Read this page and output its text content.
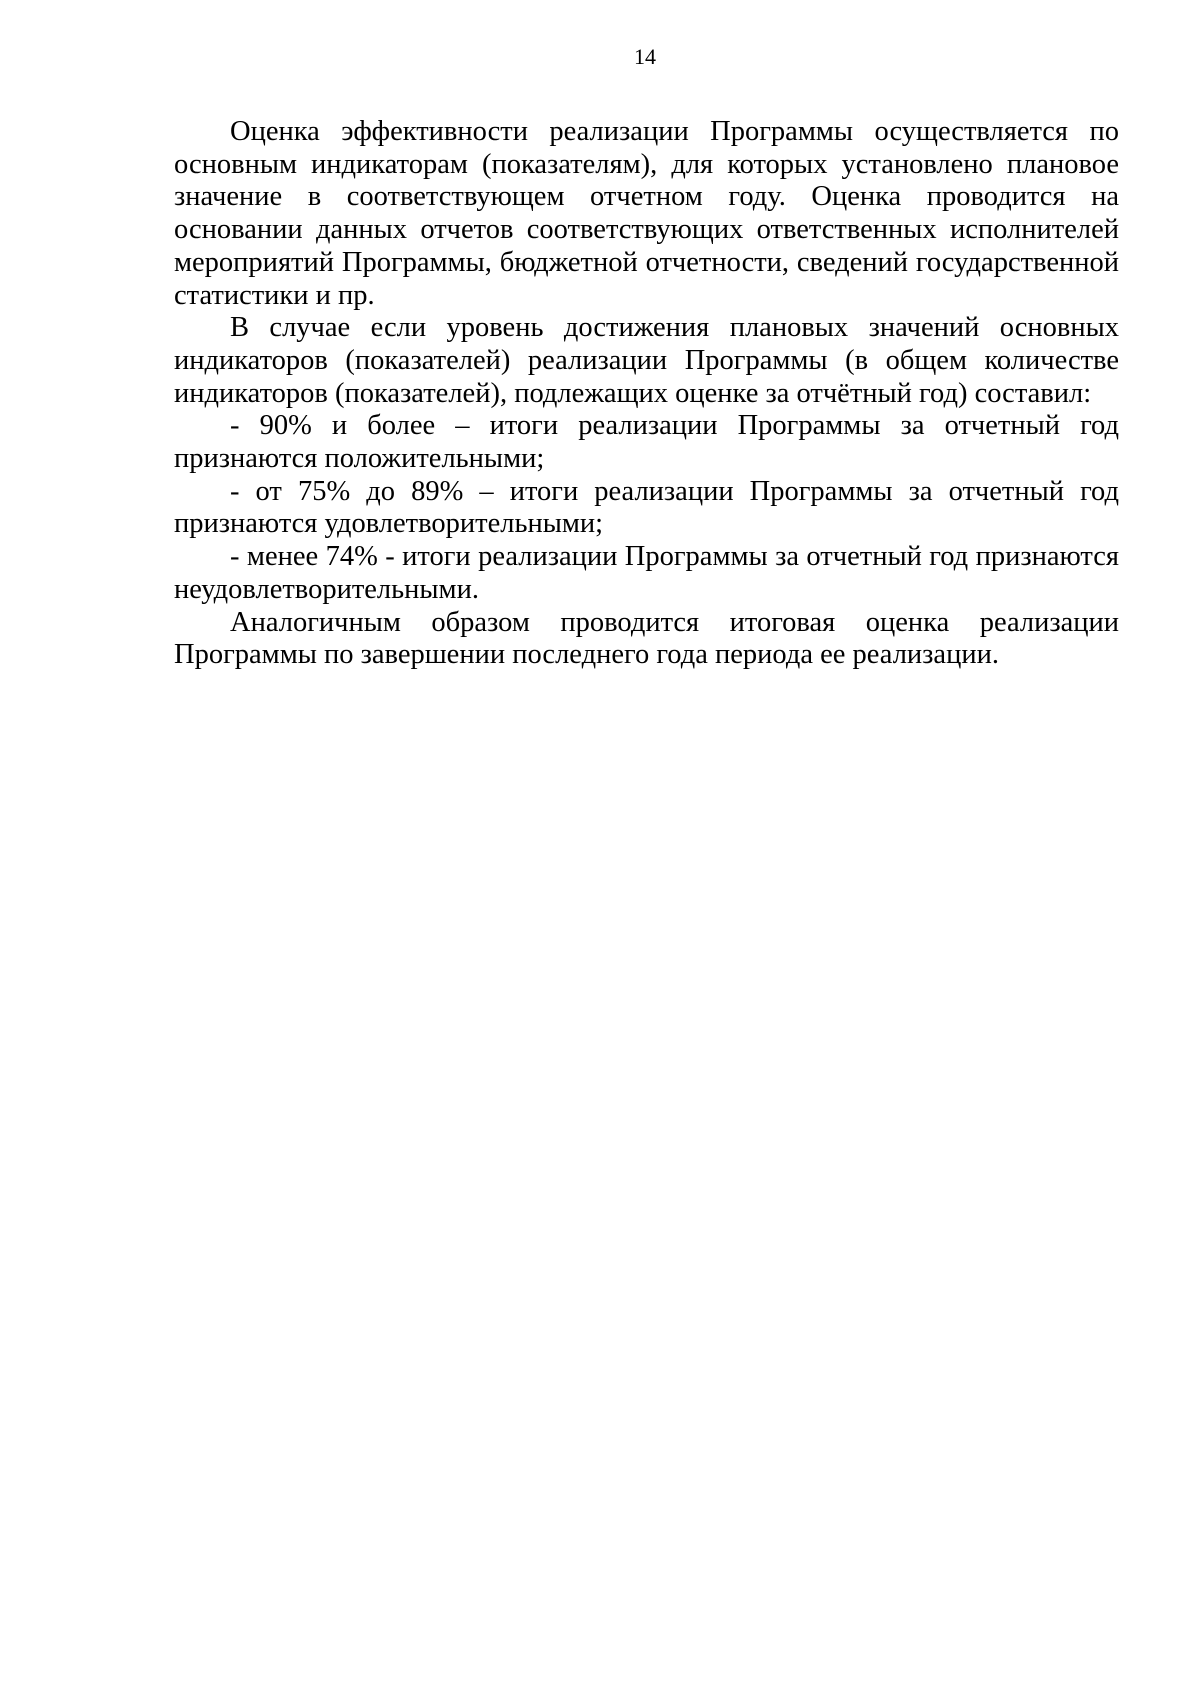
14

Оценка эффективности реализации Программы осуществляется по основным индикаторам (показателям), для которых установлено плановое значение в соответствующем отчетном году. Оценка проводится на основании данных отчетов соответствующих ответственных исполнителей мероприятий Программы, бюджетной отчетности, сведений государственной статистики и пр.

В случае если уровень достижения плановых значений основных индикаторов (показателей) реализации Программы (в общем количестве индикаторов (показателей), подлежащих оценке за отчётный год) составил:

- 90% и более – итоги реализации Программы за отчетный год признаются положительными;

- от 75% до 89% – итоги реализации Программы за отчетный год признаются удовлетворительными;

- менее 74% - итоги реализации Программы за отчетный год признаются неудовлетворительными.

Аналогичным образом проводится итоговая оценка реализации Программы по завершении последнего года периода ее реализации.
